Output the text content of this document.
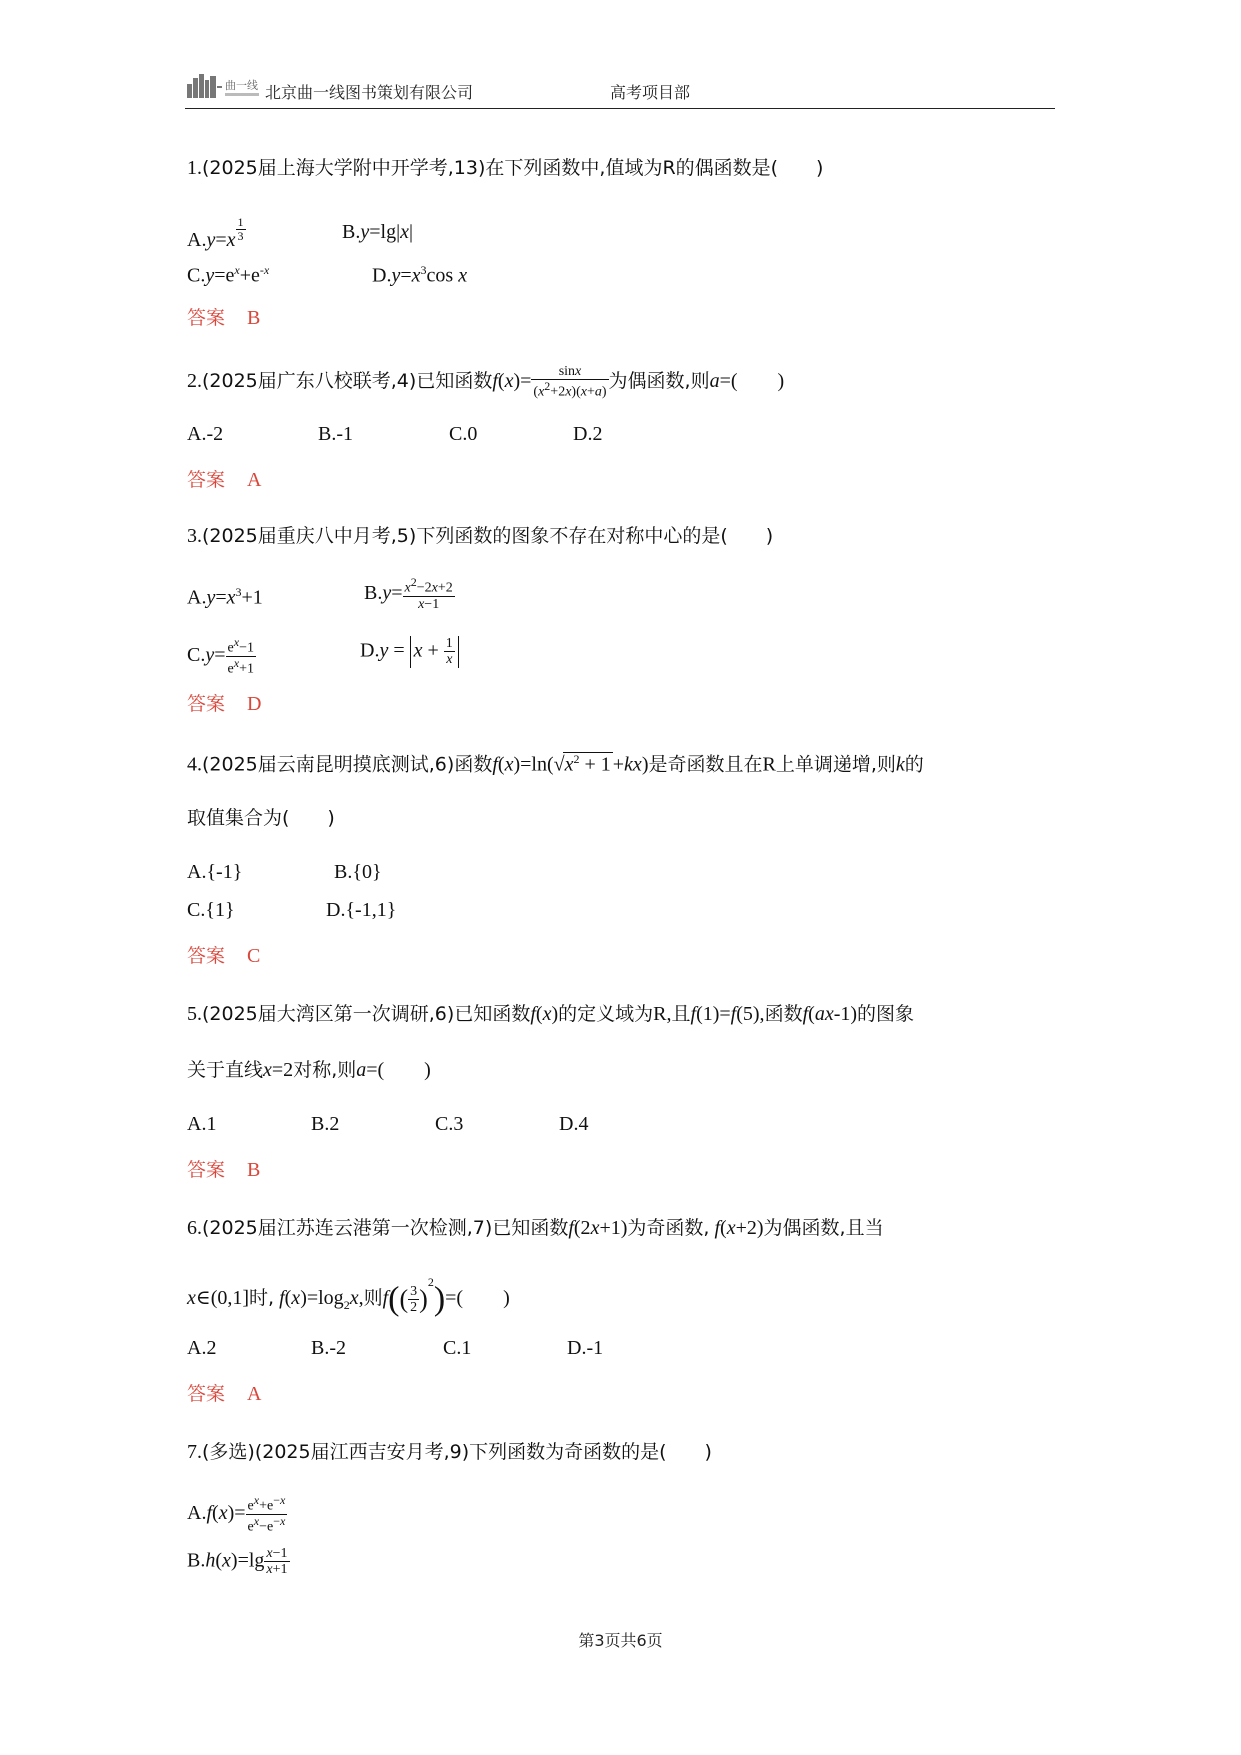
曲一线 北京曲一线图书策划有限公司	高考项目部
1.(2025届上海大学附中开学考,13)在下列函数中,值域为R的偶函数是(　　)
A.y=x $^{\frac{1}{3}}$	B.y=lg|x|
$C.y=e^x+e^{-x}$	$D.y=x^3\cos$ x
答案 B
2.(2025届广东八校联考,4)已知函数$f(x)= \frac{\sin x}{(x^2+2x)(x+a)}$ 为偶函数,则a=(　　)
A.-2	B.-1	C.0	D.2
答案 A
3.(2025届重庆八中月考,5)下列函数的图象不存在对称中心的是(　　)
$A.y=x^3+1$	$B.y= \frac{x^2-2x+2}{x-1}$
$C.y= \frac{e^x-1}{e^x+1}$	$D.y = x + \frac{1}{x}$
答案 D
4.(2025届云南昆明摸底测试,6)函数$f(x)=\ln(√x^2 + 1 +kx)$是奇函数且在R上单调递增,则k的
取值集合为(　　)
A.{-1}	B.{0}
C.{1}	D.{-1,1}
答案 C
5.(2025届大湾区第一次调研,6)已知函数f(x)的定义域为R,且f(1)=f(5),函数f(ax-1)的图象
关于直线x=2对称,则a=(　　)
A.1	B.2	C.3	D.4
答案 B
6.(2025届江苏连云港第一次检测,7)已知函数f(2x+1)为奇函数, f(x+2)为偶函数,且当
x∈(0,1]时, $f(x)=\log_2x$,则$f(( \frac{3}{2} )^2)=$(　　)
A.2	B.-2	C.1	D.-1
答案 A
7.(多选)(2025届江西吉安月考,9)下列函数为奇函数的是(　　)
$A.f(x)= \frac{e^x+e^{-x}}{e^x-e^{-x}}$
$B.h(x)=\lg \frac{x-1}{x+1}$
第3页共6页
